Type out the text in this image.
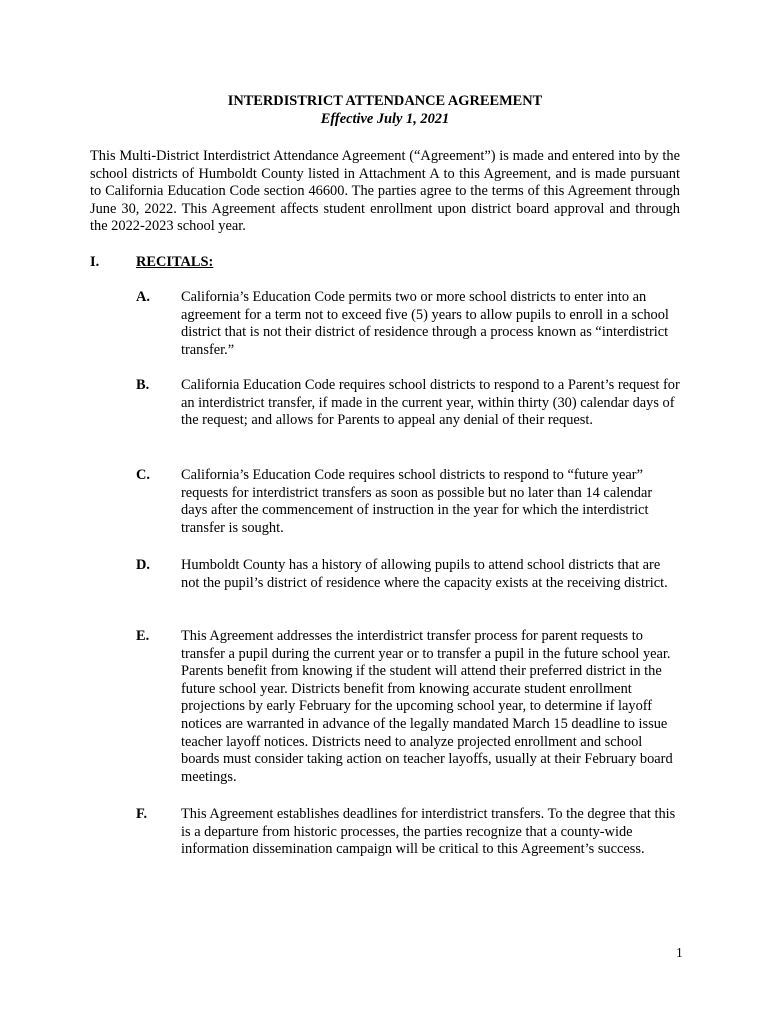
INTERDISTRICT ATTENDANCE AGREEMENT
Effective July 1, 2021

This Multi-District Interdistrict Attendance Agreement (“Agreement”) is made and entered into by the school districts of Humboldt County listed in Attachment A to this Agreement, and is made pursuant to California Education Code section 46600. The parties agree to the terms of this Agreement through June 30, 2022. This Agreement affects student enrollment upon district board approval and through the 2022-2023 school year.

I.	RECITALS:
A. California’s Education Code permits two or more school districts to enter into an agreement for a term not to exceed five (5) years to allow pupils to enroll in a school district that is not their district of residence through a process known as “interdistrict transfer.”

B. California Education Code requires school districts to respond to a Parent’s request for an interdistrict transfer, if made in the current year, within thirty (30) calendar days of the request; and allows for Parents to appeal any denial of their request.

C. California’s Education Code requires school districts to respond to “future year” requests for interdistrict transfers as soon as possible but no later than 14 calendar days after the commencement of instruction in the year for which the interdistrict transfer is sought.

D. Humboldt County has a history of allowing pupils to attend school districts that are not the pupil’s district of residence where the capacity exists at the receiving district.

E. This Agreement addresses the interdistrict transfer process for parent requests to transfer a pupil during the current year or to transfer a pupil in the future school year. Parents benefit from knowing if the student will attend their preferred district in the future school year. Districts benefit from knowing accurate student enrollment projections by early February for the upcoming school year, to determine if layoff notices are warranted in advance of the legally mandated March 15 deadline to issue teacher layoff notices. Districts need to analyze projected enrollment and school boards must consider taking action on teacher layoffs, usually at their February board meetings.

F. This Agreement establishes deadlines for interdistrict transfers. To the degree that this is a departure from historic processes, the parties recognize that a county-wide information dissemination campaign will be critical to this Agreement’s success.

1
